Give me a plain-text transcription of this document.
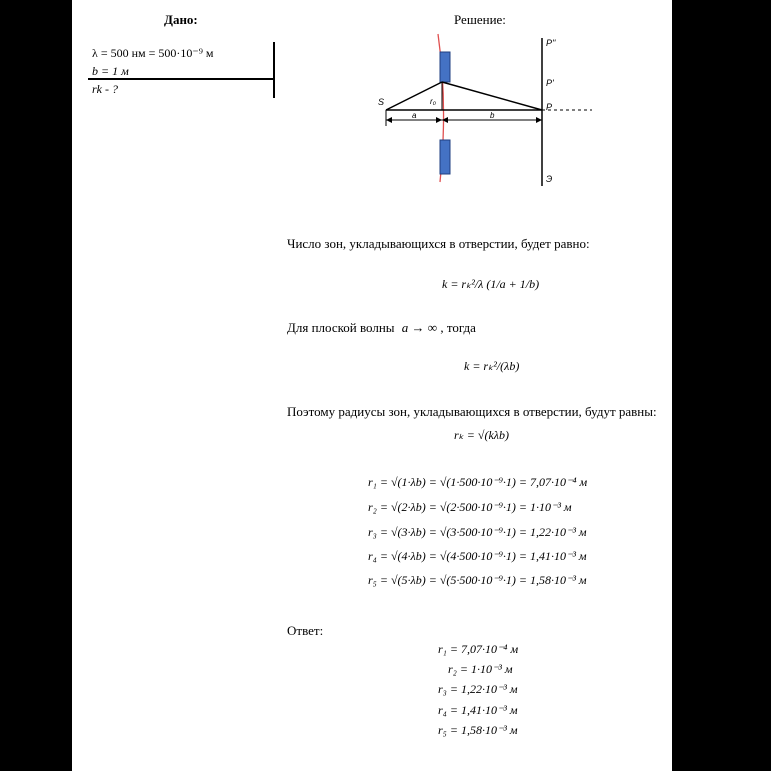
Дано:
λ = 500 нм = 500·10⁻⁹ м
b = 1 м
rk - ?
Решение:
S	r₀
a	b
P
P'
P''
Э
Число зон, укладывающихся в отверстии, будет равно:
k = rₖ²/λ (1/a + 1/b)
Для плоской волны a → ∞ , тогда
k = rₖ²/(λb)
Поэтому радиусы зон, укладывающихся в отверстии, будут равны:
rₖ = √(kλb)
r₁ = √(1·λb) = √(1·500·10⁻⁹·1) = 7,07·10⁻⁴ м
r₂ = √(2·λb) = √(2·500·10⁻⁹·1) = 1·10⁻³ м
r₃ = √(3·λb) = √(3·500·10⁻⁹·1) = 1,22·10⁻³ м
r₄ = √(4·λb) = √(4·500·10⁻⁹·1) = 1,41·10⁻³ м
r₅ = √(5·λb) = √(5·500·10⁻⁹·1) = 1,58·10⁻³ м
Ответ:
r₁ = 7,07·10⁻⁴ м
r₂ = 1·10⁻³ м
r₃ = 1,22·10⁻³ м
r₄ = 1,41·10⁻³ м
r₅ = 1,58·10⁻³ м
